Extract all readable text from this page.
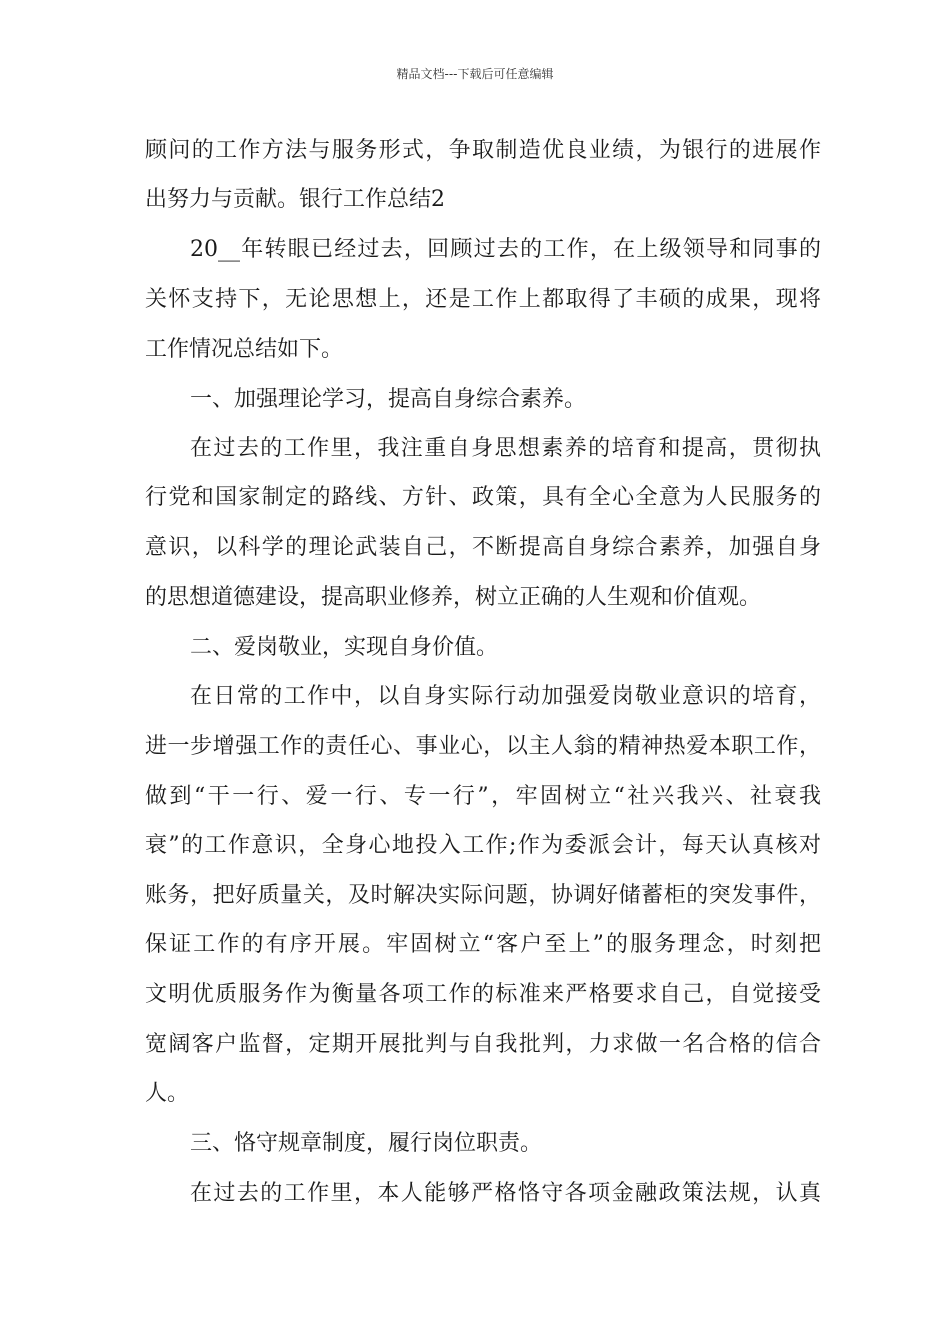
精品文档---下载后可任意编辑
顾问的工作方法与服务形式，争取制造优良业绩，为银行的进展作
出努力与贡献。银行工作总结2
20__年转眼已经过去，回顾过去的工作，在上级领导和同事的
关怀支持下，无论思想上，还是工作上都取得了丰硕的成果，现将
工作情况总结如下。
一、加强理论学习，提高自身综合素养。
在过去的工作里，我注重自身思想素养的培育和提高，贯彻执
行党和国家制定的路线、方针、政策，具有全心全意为人民服务的
意识，以科学的理论武装自己，不断提高自身综合素养，加强自身
的思想道德建设，提高职业修养，树立正确的人生观和价值观。
二、爱岗敬业，实现自身价值。
在日常的工作中，以自身实际行动加强爱岗敬业意识的培育，
进一步增强工作的责任心、事业心，以主人翁的精神热爱本职工作，
做到“干一行、爱一行、专一行”，牢固树立“社兴我兴、社衰我
衰”的工作意识，全身心地投入工作;作为委派会计，每天认真核对
账务，把好质量关，及时解决实际问题，协调好储蓄柜的突发事件，
保证工作的有序开展。牢固树立“客户至上”的服务理念，时刻把
文明优质服务作为衡量各项工作的标准来严格要求自己，自觉接受
宽阔客户监督，定期开展批判与自我批判，力求做一名合格的信合
人。
三、恪守规章制度，履行岗位职责。
在过去的工作里，本人能够严格恪守各项金融政策法规，认真
